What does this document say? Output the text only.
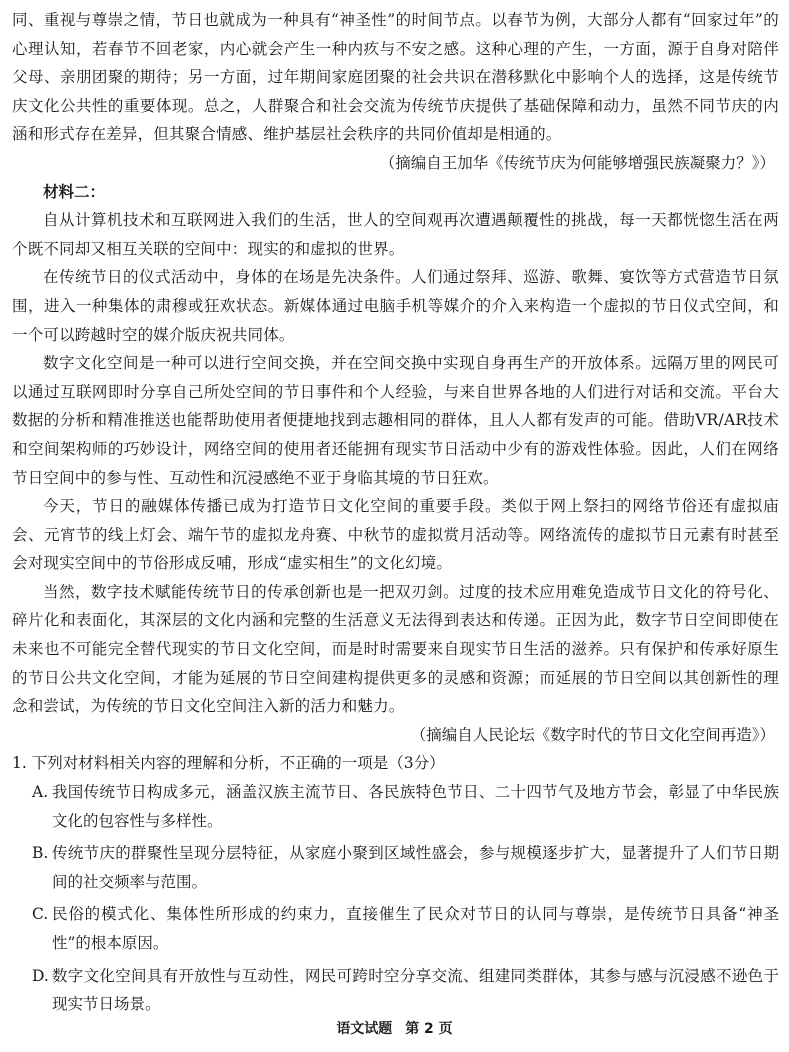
同、重视与尊崇之情，节日也就成为一种具有“神圣性”的时间节点。以春节为例，大部分人都有“回家过年”的心理认知，若春节不回老家，内心就会产生一种内疚与不安之感。这种心理的产生，一方面，源于自身对陪伴父母、亲朋团聚的期待；另一方面，过年期间家庭团聚的社会共识在潜移默化中影响个人的选择，这是传统节庆文化公共性的重要体现。总之，人群聚合和社会交流为传统节庆提供了基础保障和动力，虽然不同节庆的内涵和形式存在差异，但其聚合情感、维护基层社会秩序的共同价值却是相通的。

（摘编自王加华《传统节庆为何能够增强民族凝聚力？》）

材料二：

自从计算机技术和互联网进入我们的生活，世人的空间观再次遭遇颠覆性的挑战，每一天都恍惚生活在两个既不同却又相互关联的空间中：现实的和虚拟的世界。

在传统节日的仪式活动中，身体的在场是先决条件。人们通过祭拜、巡游、歌舞、宴饮等方式营造节日氛围，进入一种集体的肃穆或狂欢状态。新媒体通过电脑手机等媒介的介入来构造一个虚拟的节日仪式空间，和一个可以跨越时空的媒介版庆祝共同体。

数字文化空间是一种可以进行空间交换，并在空间交换中实现自身再生产的开放体系。远隔万里的网民可以通过互联网即时分享自己所处空间的节日事件和个人经验，与来自世界各地的人们进行对话和交流。平台大数据的分析和精准推送也能帮助使用者便捷地找到志趣相同的群体，且人人都有发声的可能。借助VR/AR技术和空间架构师的巧妙设计，网络空间的使用者还能拥有现实节日活动中少有的游戏性体验。因此，人们在网络节日空间中的参与性、互动性和沉浸感绝不亚于身临其境的节日狂欢。

今天，节日的融媒体传播已成为打造节日文化空间的重要手段。类似于网上祭扫的网络节俗还有虚拟庙会、元宵节的线上灯会、端午节的虚拟龙舟赛、中秋节的虚拟赏月活动等。网络流传的虚拟节日元素有时甚至会对现实空间中的节俗形成反哺，形成“虚实相生”的文化幻境。

当然，数字技术赋能传统节日的传承创新也是一把双刃剑。过度的技术应用难免造成节日文化的符号化、碎片化和表面化，其深层的文化内涵和完整的生活意义无法得到表达和传递。正因为此，数字节日空间即使在未来也不可能完全替代现实的节日文化空间，而是时时需要来自现实节日生活的滋养。只有保护和传承好原生的节日公共文化空间，才能为延展的节日空间建构提供更多的灵感和资源；而延展的节日空间以其创新性的理念和尝试，为传统的节日文化空间注入新的活力和魅力。

（摘编自人民论坛《数字时代的节日文化空间再造》）

1. 下列对材料相关内容的理解和分析，不正确的一项是（3分）

A. 我国传统节日构成多元，涵盖汉族主流节日、各民族特色节日、二十四节气及地方节会，彰显了中华民族文化的包容性与多样性。
B. 传统节庆的群聚性呈现分层特征，从家庭小聚到区域性盛会，参与规模逐步扩大，显著提升了人们节日期间的社交频率与范围。
C. 民俗的模式化、集体性所形成的约束力，直接催生了民众对节日的认同与尊崇，是传统节日具备“神圣性”的根本原因。
D. 数字文化空间具有开放性与互动性，网民可跨时空分享交流、组建同类群体，其参与感与沉浸感不逊色于现实节日场景。
语文试题 第 2 页
